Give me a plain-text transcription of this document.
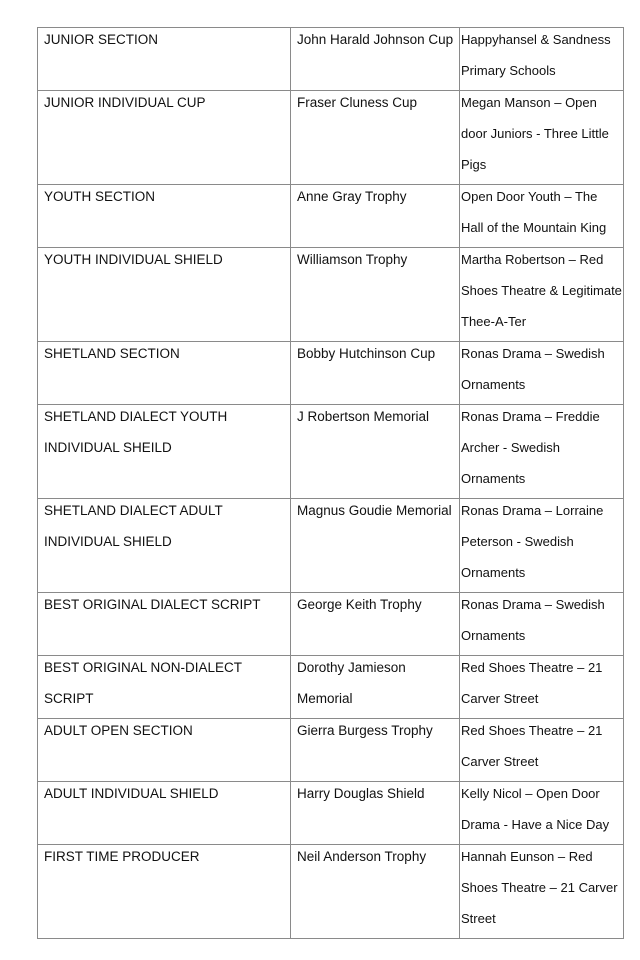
JUNIOR SECTION	John Harald Johnson Cup	Happyhansel & Sandness Primary Schools

JUNIOR INDIVIDUAL CUP	Fraser Cluness Cup	Megan Manson – Open door Juniors - Three Little Pigs

YOUTH SECTION	Anne Gray Trophy	Open Door Youth – The Hall of the Mountain King

YOUTH INDIVIDUAL SHIELD	Williamson Trophy	Martha Robertson – Red Shoes Theatre & Legitimate Thee-A-Ter

SHETLAND SECTION	Bobby Hutchinson Cup	Ronas Drama – Swedish Ornaments

SHETLAND DIALECT YOUTH INDIVIDUAL SHEILD	J Robertson Memorial	Ronas Drama – Freddie Archer - Swedish Ornaments

SHETLAND DIALECT ADULT INDIVIDUAL SHIELD	Magnus Goudie Memorial	Ronas Drama – Lorraine Peterson - Swedish Ornaments

BEST ORIGINAL DIALECT SCRIPT	George Keith Trophy	Ronas Drama – Swedish Ornaments

BEST ORIGINAL NON-DIALECT SCRIPT	Dorothy Jamieson Memorial	Red Shoes Theatre – 21 Carver Street

ADULT OPEN SECTION	Gierra Burgess Trophy	Red Shoes Theatre – 21 Carver Street

ADULT INDIVIDUAL SHIELD	Harry Douglas Shield	Kelly Nicol – Open Door Drama - Have a Nice Day

FIRST TIME PRODUCER	Neil Anderson Trophy	Hannah Eunson – Red Shoes Theatre – 21 Carver Street
